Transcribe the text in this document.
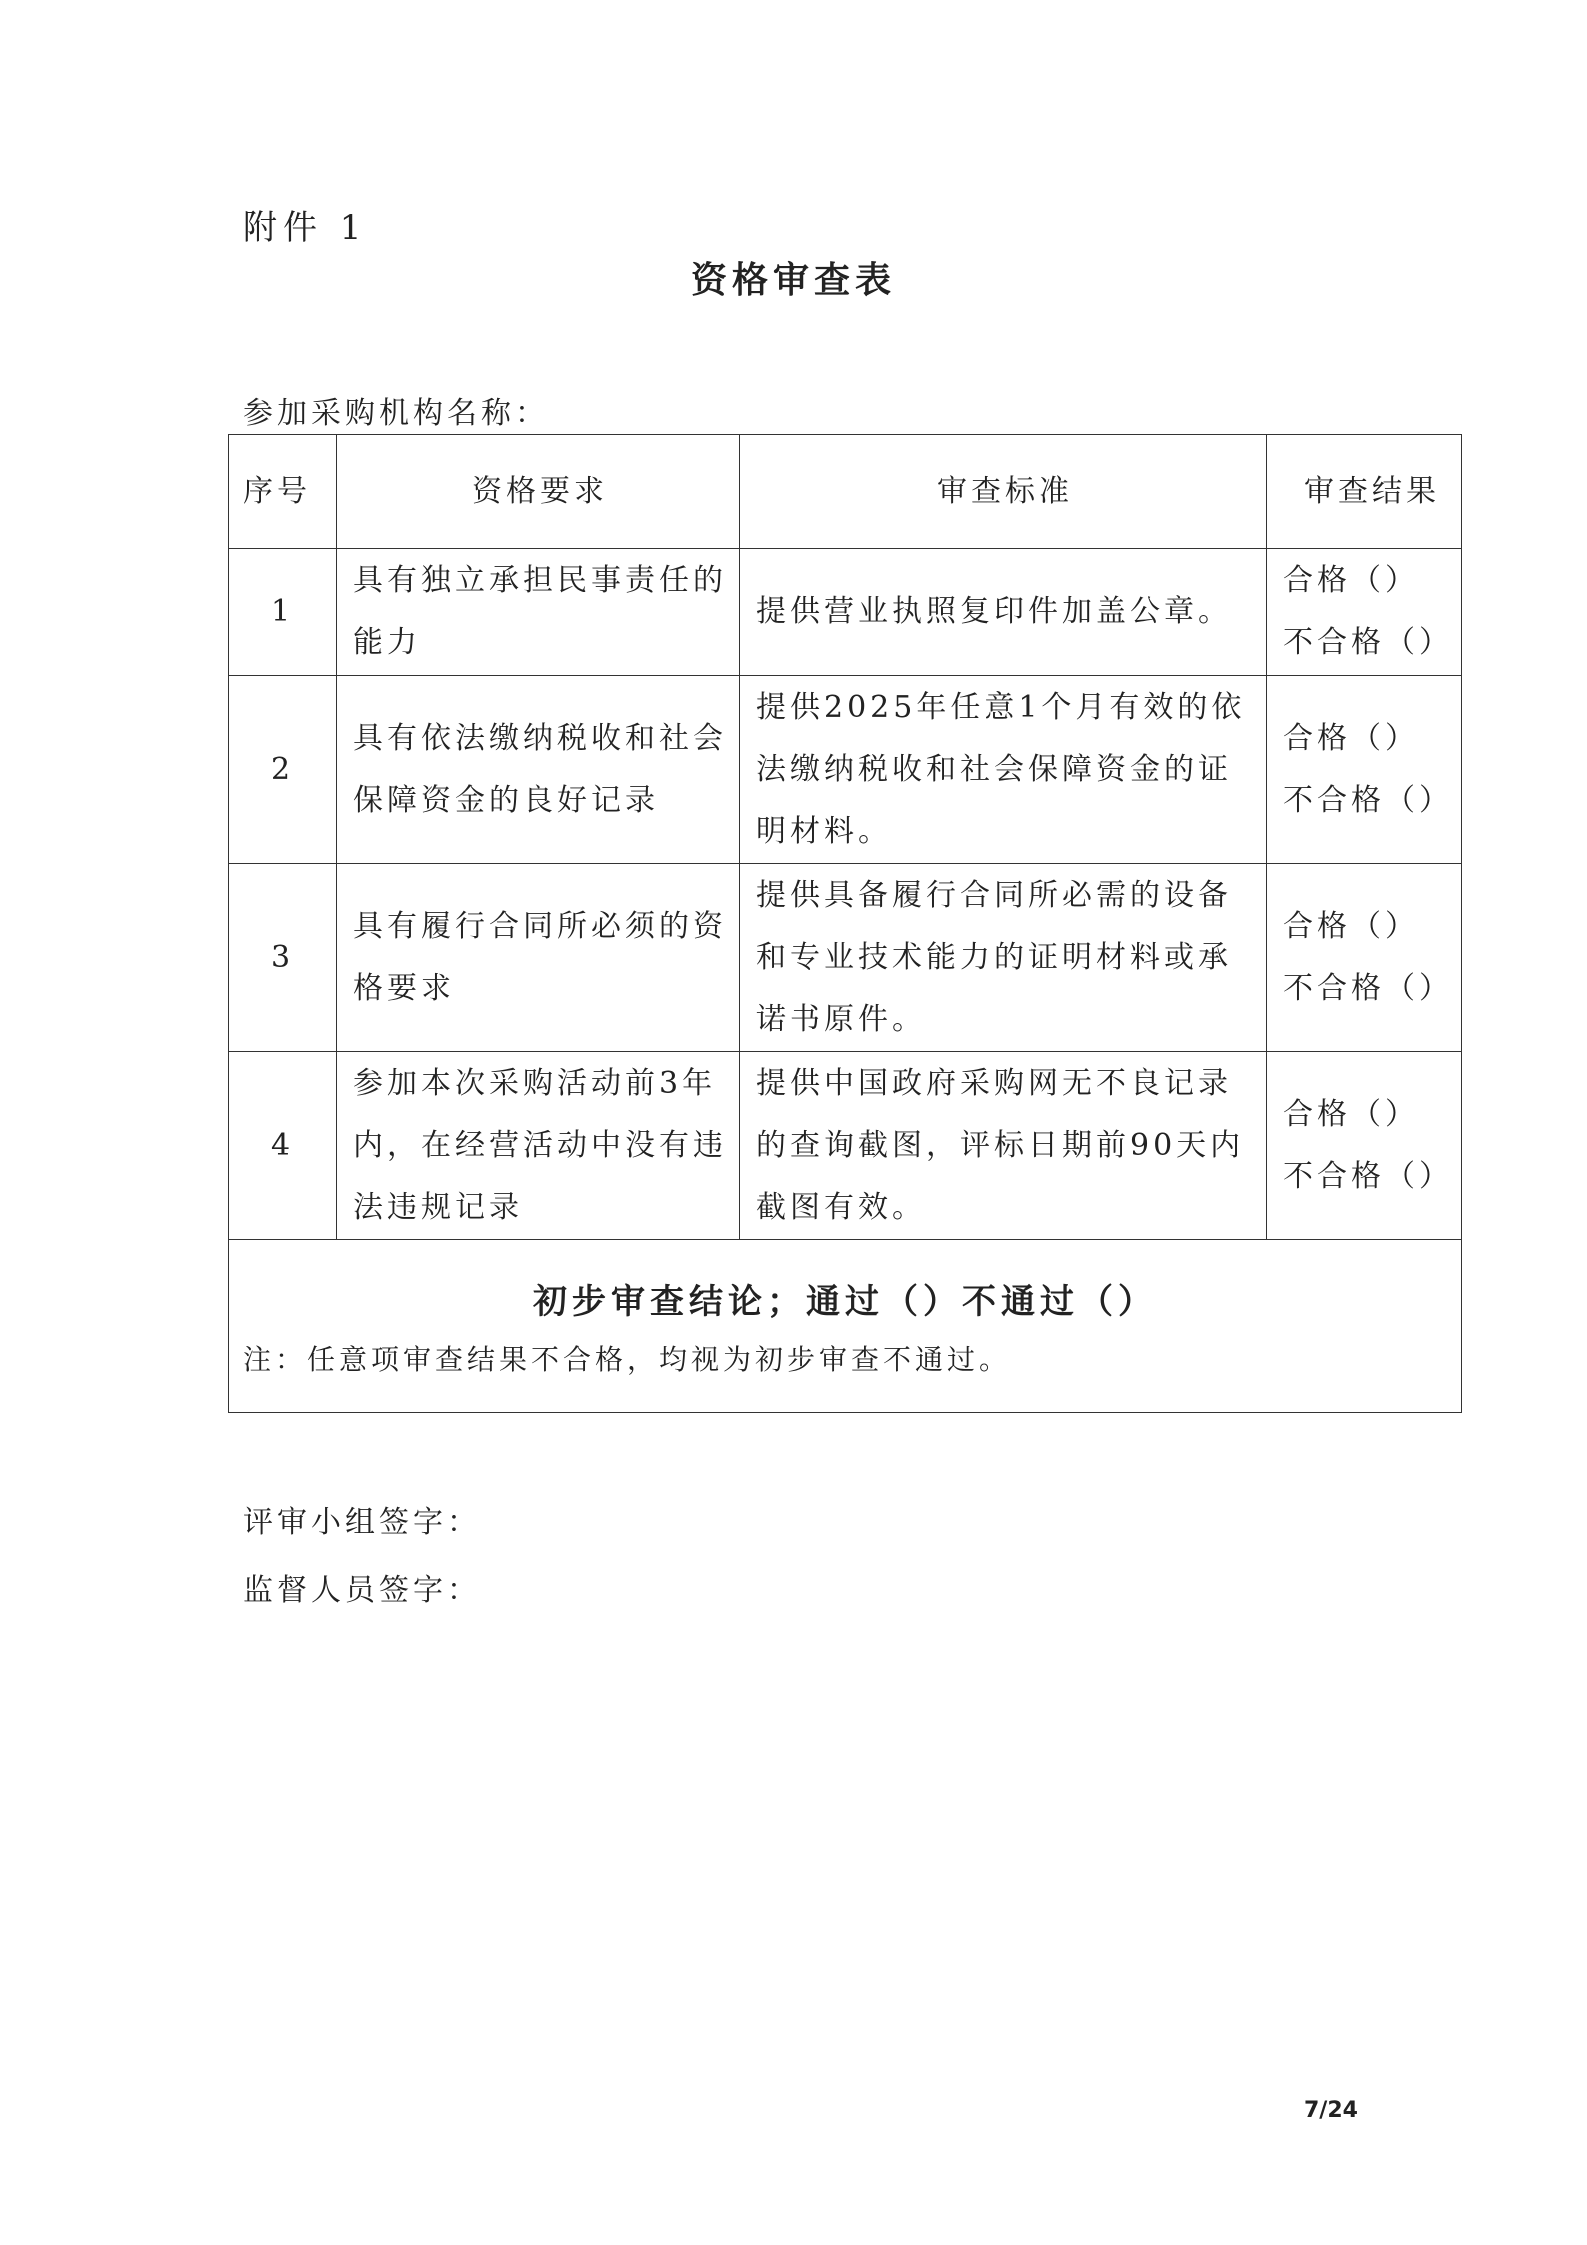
附件 1
资格审查表
参加采购机构名称：
序号	资格要求	审查标准	审查结果
1	具有独立承担民事责任的能力	提供营业执照复印件加盖公章。	合格（）
不合格（）

2	具有依法缴纳税收和社会保障资金的良好记录	提供2025年任意1个月有效的依法缴纳税收和社会保障资金的证明材料。	合格（）
不合格（）

3	具有履行合同所必须的资格要求	提供具备履行合同所必需的设备和专业技术能力的证明材料或承诺书原件。	合格（）
不合格（）

4	参加本次采购活动前3年内，在经营活动中没有违法违规记录	提供中国政府采购网无不良记录的查询截图，评标日期前90天内截图有效。	合格（）
不合格（）

初步审查结论；通过（）不通过（）
注：任意项审查结果不合格，均视为初步审查不通过。			
评审小组签字：
监督人员签字：
7/24
